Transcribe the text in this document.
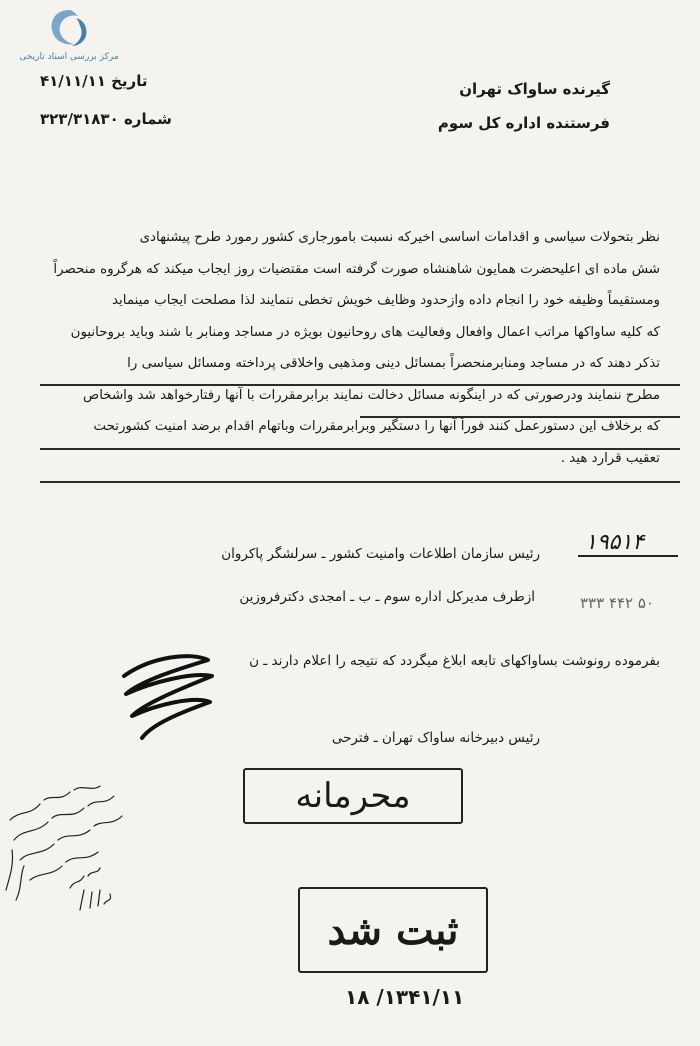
مرکز بررسی اسناد تاریخی
گیرنده ساواک تهران
فرستنده اداره کل سوم
تاریخ ۴۱/۱۱/۱۱
شماره ۳۲۳/۳۱۸۳۰

نظر بتحولات سیاسی و اقدامات اساسی اخیرکه نسبت بامورجاری کشور رمورد طرح پیشنهادی

شش ماده ای اعلیحضرت همایون شاهنشاه صورت گرفته است مقتضیات روز ایجاب میکند که هرگروه منحصراً

ومستقیماً وظیفه خود را انجام داده وازحدود وظایف خویش تخطی ننمایند لذا مصلحت ایجاب مینماید

که کلیه ساواکها مراتب اعمال وافعال وفعالیت های روحانیون بویژه در مساجد ومنابر با شند وباید بروحانیون

تذکر دهند که در مساجد ومنابرمنحصراً بمسائل دینی ومذهبی واخلاقی پرداخته ومسائل سیاسی را

مطرح ننمایند ودرصورتی که در اینگونه مسائل دخالت نمایند برابرمقررات با آنها رفتارخواهد شد واشخاص

که برخلاف این دستورعمل کنند فوراً آنها را دستگیر وبرابرمقررات وباتهام اقدام برضد امنیت کشورتحت

تعقیب قرارد هید .

رئیس سازمان اطلاعات وامنیت کشور ـ سرلشگر پاکروان
ازطرف مدیرکل اداره سوم ـ ب ـ امجدی دکترفروزین
بفرموده رونوشت بساواکهای تابعه ابلاغ میگردد که نتیجه را اعلام دارند ـ ن
رئیس دبیرخانه ساواک تهران ـ فترحی
۱۹۵۱۴
۳۳۳ ۴۴۲ ۵۰
محرمانه
ثبت شد
۱۳۴۱/۱۱/ ۱۸
